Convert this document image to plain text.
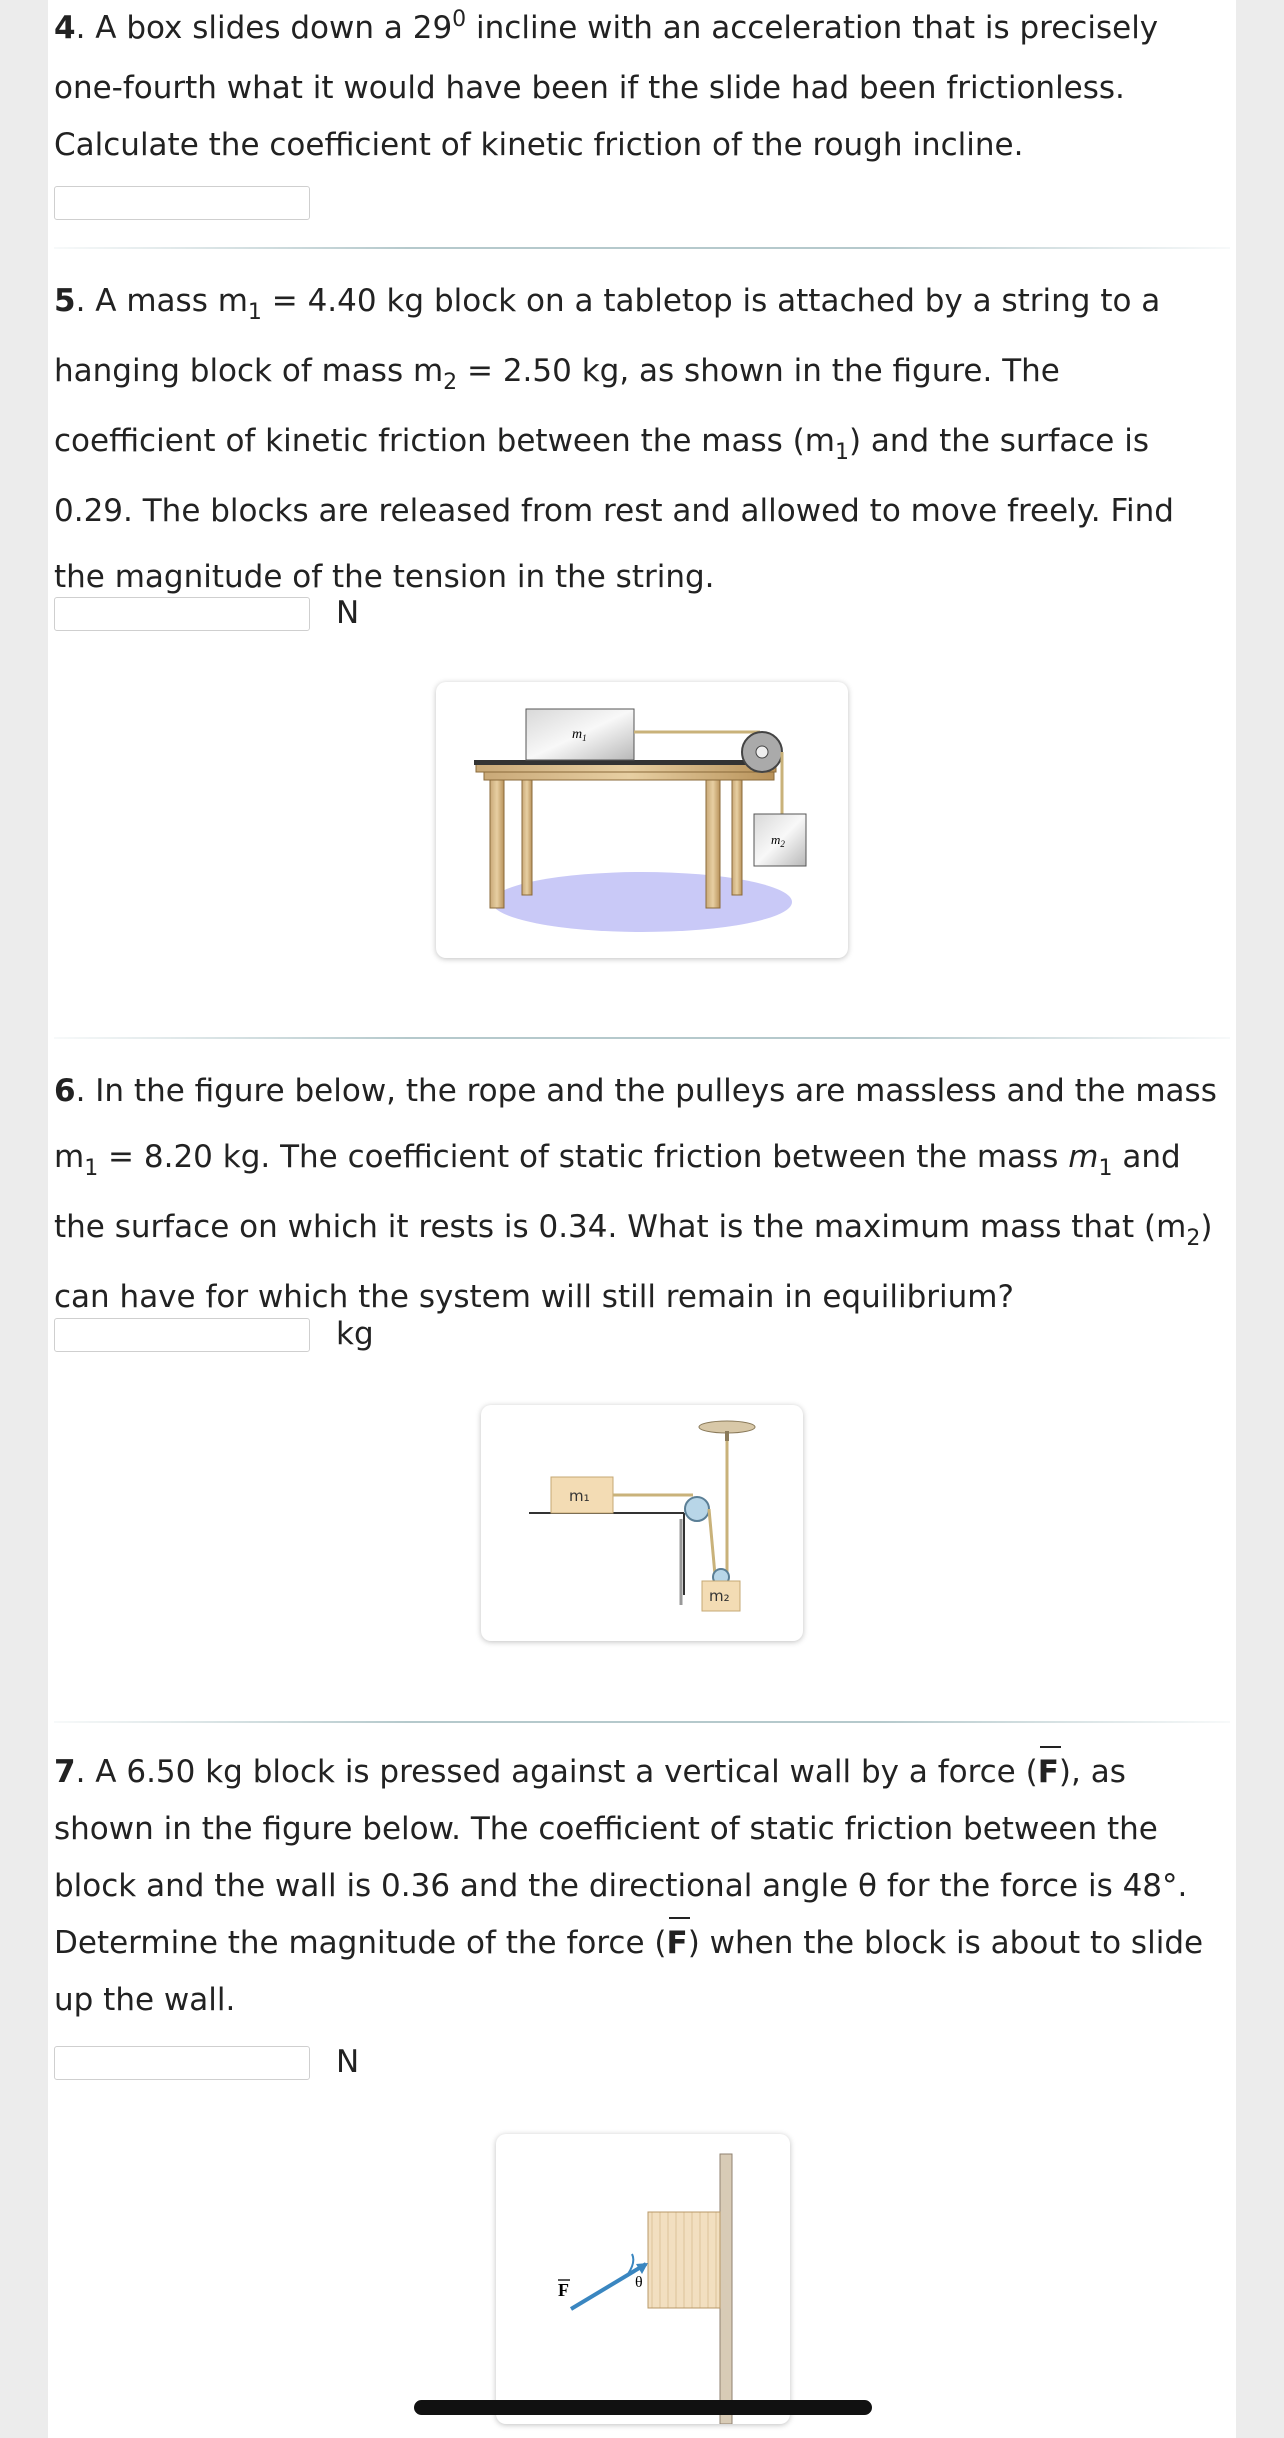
4. A box slides down a $29^0$ incline with an acceleration that is precisely one-fourth what it would have been if the slide had been frictionless. Calculate the coefficient of kinetic friction of the rough incline.
5. A mass $m_1 = 4.40$ kg block on a tabletop is attached by a string to a hanging block of mass $m_2 = 2.50$ kg, as shown in the figure. The coefficient of kinetic friction between the mass $(m_1)$ and the surface is 0.29. The blocks are released from rest and allowed to move freely. Find the magnitude of the tension in the string.
N
$m_1$
$m_2$
6. In the figure below, the rope and the pulleys are massless and the mass $m_1 = 8.20$ kg. The coefficient of static friction between the mass $m_1$ and the surface on which it rests is 0.34. What is the maximum mass that $(m_2)$ can have for which the system will still remain in equilibrium?
kg
m₁
m₂
7. A 6.50 kg block is pressed against a vertical wall by a force (F), as shown in the figure below. The coefficient of static friction between the block and the wall is 0.36 and the directional angle θ for the force is 48°. Determine the magnitude of the force (F) when the block is about to slide up the wall.
N
θ
F
